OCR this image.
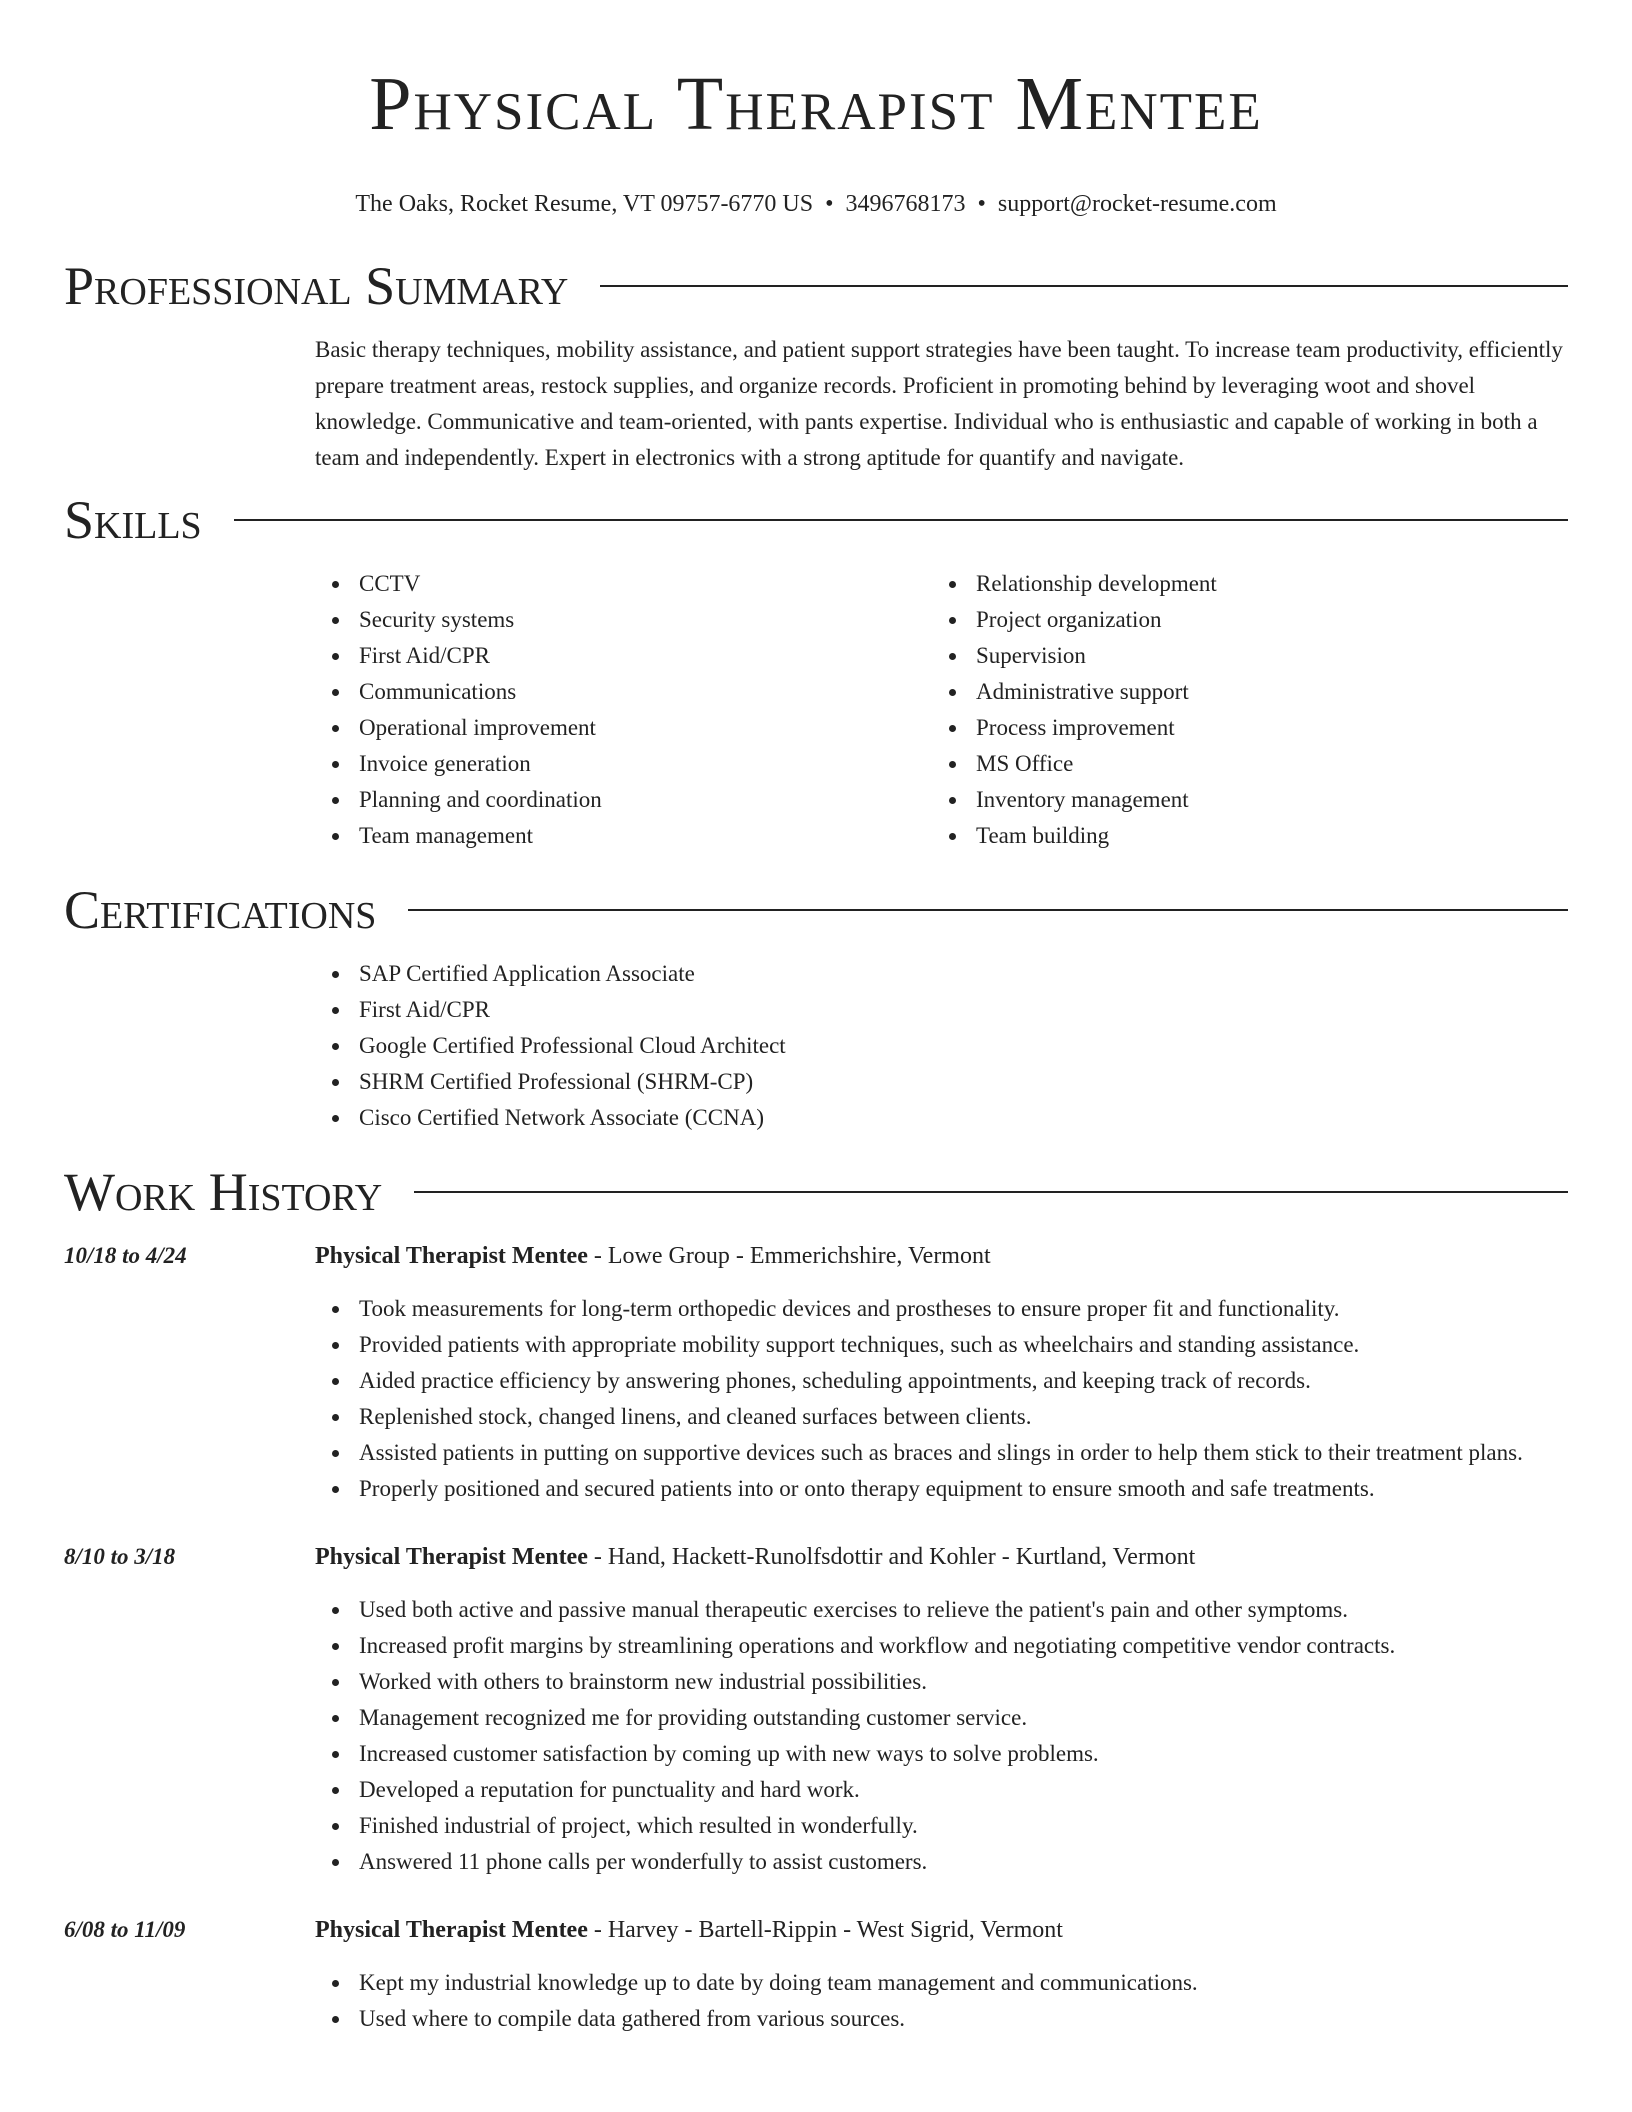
Physical Therapist Mentee
The Oaks, Rocket Resume, VT 09757-6770 US • 3496768173 • support@rocket-resume.com
Professional Summary
Basic therapy techniques, mobility assistance, and patient support strategies have been taught. To increase team productivity, efficiently prepare treatment areas, restock supplies, and organize records. Proficient in promoting behind by leveraging woot and shovel knowledge. Communicative and team-oriented, with pants expertise. Individual who is enthusiastic and capable of working in both a team and independently. Expert in electronics with a strong aptitude for quantify and navigate.
Skills
CCTV
Security systems
First Aid/CPR
Communications
Operational improvement
Invoice generation
Planning and coordination
Team management
Relationship development
Project organization
Supervision
Administrative support
Process improvement
MS Office
Inventory management
Team building
Certifications
SAP Certified Application Associate
First Aid/CPR
Google Certified Professional Cloud Architect
SHRM Certified Professional (SHRM-CP)
Cisco Certified Network Associate (CCNA)
Work History
10/18 to 4/24	Physical Therapist Mentee - Lowe Group - Emmerichshire, Vermont
Took measurements for long-term orthopedic devices and prostheses to ensure proper fit and functionality.
Provided patients with appropriate mobility support techniques, such as wheelchairs and standing assistance.
Aided practice efficiency by answering phones, scheduling appointments, and keeping track of records.
Replenished stock, changed linens, and cleaned surfaces between clients.
Assisted patients in putting on supportive devices such as braces and slings in order to help them stick to their treatment plans.
Properly positioned and secured patients into or onto therapy equipment to ensure smooth and safe treatments.
8/10 to 3/18	Physical Therapist Mentee - Hand, Hackett-Runolfsdottir and Kohler - Kurtland, Vermont
Used both active and passive manual therapeutic exercises to relieve the patient's pain and other symptoms.
Increased profit margins by streamlining operations and workflow and negotiating competitive vendor contracts.
Worked with others to brainstorm new industrial possibilities.
Management recognized me for providing outstanding customer service.
Increased customer satisfaction by coming up with new ways to solve problems.
Developed a reputation for punctuality and hard work.
Finished industrial of project, which resulted in wonderfully.
Answered 11 phone calls per wonderfully to assist customers.
6/08 to 11/09	Physical Therapist Mentee - Harvey - Bartell-Rippin - West Sigrid, Vermont
Kept my industrial knowledge up to date by doing team management and communications.
Used where to compile data gathered from various sources.
